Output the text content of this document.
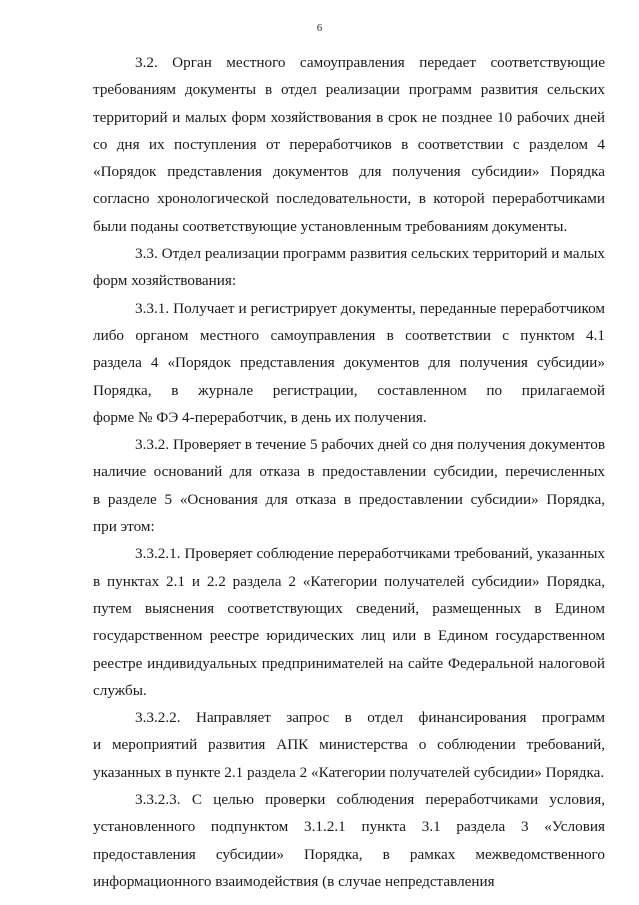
6
3.2. Орган местного самоуправления передает соответствующие
требованиям документы в отдел реализации программ развития сельских
территорий и малых форм хозяйствования в срок не позднее 10 рабочих дней
со дня их поступления от переработчиков в соответствии с разделом 4
«Порядок представления документов для получения субсидии» Порядка
согласно хронологической последовательности, в которой переработчиками
были поданы соответствующие установленным требованиям документы.
3.3. Отдел реализации программ развития сельских территорий и малых
форм хозяйствования:
3.3.1. Получает и регистрирует документы, переданные переработчиком
либо органом местного самоуправления в соответствии с пунктом 4.1
раздела 4 «Порядок представления документов для получения субсидии»
Порядка, в журнале регистрации, составленном по прилагаемой
форме № ФЭ 4-переработчик, в день их получения.
3.3.2. Проверяет в течение 5 рабочих дней со дня получения документов
наличие оснований для отказа в предоставлении субсидии, перечисленных
в разделе 5 «Основания для отказа в предоставлении субсидии» Порядка,
при этом:
3.3.2.1. Проверяет соблюдение переработчиками требований, указанных
в пунктах 2.1 и 2.2 раздела 2 «Категории получателей субсидии» Порядка,
путем выяснения соответствующих сведений, размещенных в Едином
государственном реестре юридических лиц или в Едином государственном
реестре индивидуальных предпринимателей на сайте Федеральной налоговой
службы.
3.3.2.2. Направляет запрос в отдел финансирования программ
и мероприятий развития АПК министерства о соблюдении требований,
указанных в пункте 2.1 раздела 2 «Категории получателей субсидии» Порядка.
3.3.2.3. С целью проверки соблюдения переработчиками условия,
установленного подпунктом 3.1.2.1 пункта 3.1 раздела 3 «Условия
предоставления субсидии» Порядка, в рамках межведомственного
информационного взаимодействия (в случае непредставления
